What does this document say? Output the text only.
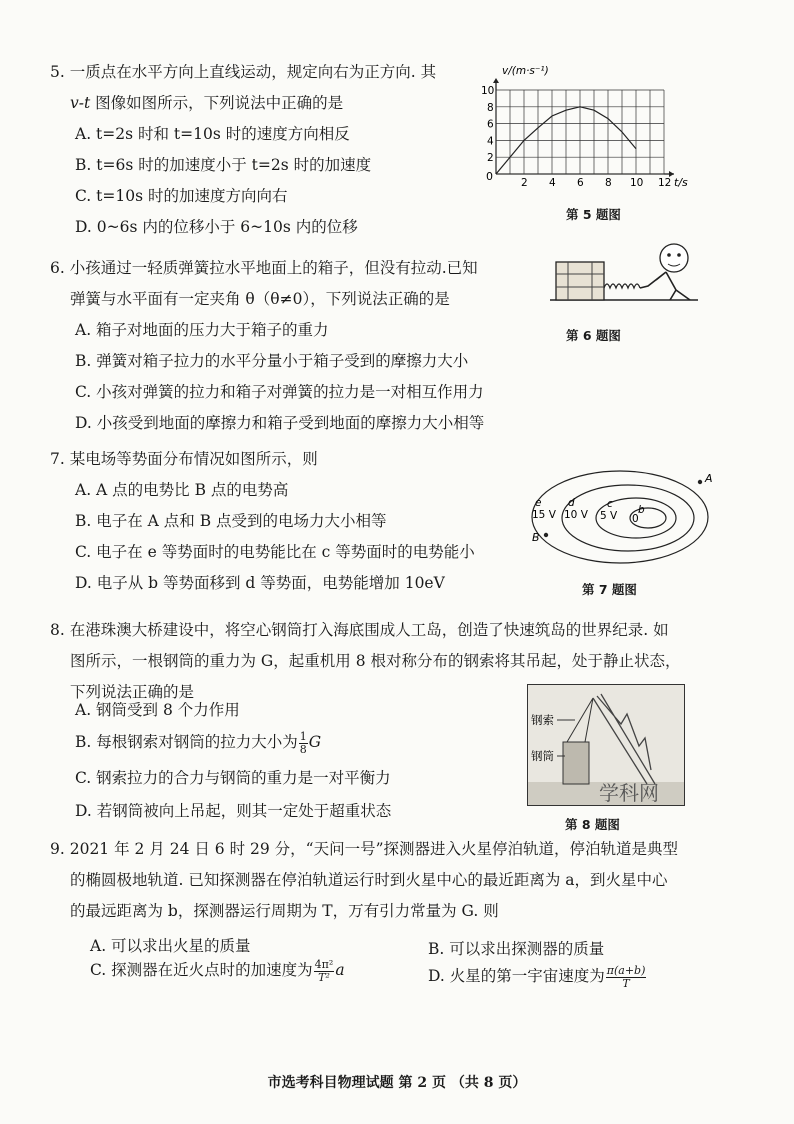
5. 一质点在水平方向上直线运动，规定向右为正方向. 其
v-t 图像如图所示，下列说法中正确的是
A. t=2s 时和 t=10s 时的速度方向相反
B. t=6s 时的加速度小于 t=2s 时的加速度
C. t=10s 时的加速度方向向右
D. 0~6s 内的位移小于 6~10s 内的位移
第 5 题图
v/(m·s⁻¹)
2 4 6 8 10 12
2
4
6
8
10
0	t/s
6. 小孩通过一轻质弹簧拉水平地面上的箱子，但没有拉动.已知
弹簧与水平面有一定夹角 θ（θ≠0），下列说法正确的是
A. 箱子对地面的压力大于箱子的重力
B. 弹簧对箱子拉力的水平分量小于箱子受到的摩擦力大小
C. 小孩对弹簧的拉力和箱子对弹簧的拉力是一对相互作用力
D. 小孩受到地面的摩擦力和箱子受到地面的摩擦力大小相等
第 6 题图
7. 某电场等势面分布情况如图所示，则
A. A 点的电势比 B 点的电势高
B. 电子在 A 点和 B 点受到的电场力大小相等
C. 电子在 e 等势面时的电势能比在 c 等势面时的电势能小
D. 电子从 b 等势面移到 d 等势面，电势能增加 10eV	第 7 题图
A
B
e
15 V
d
10 V
c
5 V b
0
8. 在港珠澳大桥建设中，将空心钢筒打入海底围成人工岛，创造了快速筑岛的世界纪录. 如
图所示，一根钢筒的重力为 G，起重机用 8 根对称分布的钢索将其吊起，处于静止状态，
下列说法正确的是
A. 钢筒受到 8 个力作用
B. 每根钢索对钢筒的拉力大小为 $\frac{1}{8}$ G
C. 钢索拉力的合力与钢筒的重力是一对平衡力
D. 若钢筒被向上吊起，则其一定处于超重状态
第 8 题图
钢索
钢筒
学科网
9. 2021 年 2 月 24 日 6 时 29 分，“天问一号”探测器进入火星停泊轨道，停泊轨道是典型
的椭圆极地轨道. 已知探测器在停泊轨道运行时到火星中心的最近距离为 a，到火星中心
的最远距离为 b，探测器运行周期为 T，万有引力常量为 G. 则
A. 可以求出火星的质量	B. 可以求出探测器的质量
C. 探测器在近火点时的加速度为 $\frac{\text{4π²}}{\text{T²}}$ a	D. 火星的第一宇宙速度为 $\frac{\pi(a+b)}{T}$
市选考科目物理试题 第 2 页 （共 8 页）
